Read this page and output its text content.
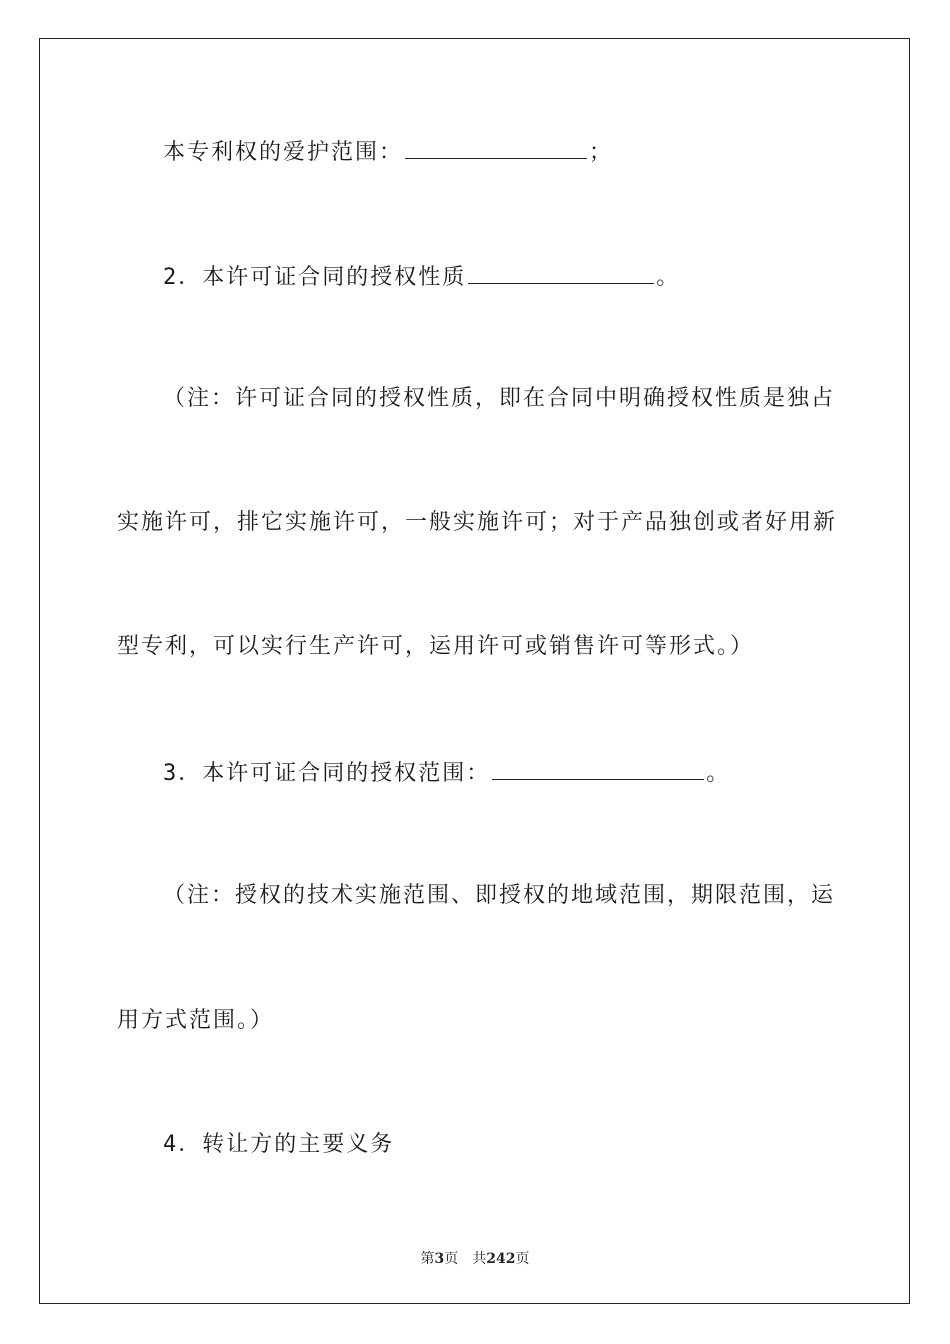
本专利权的爱护范围：	；
2．本许可证合同的授权性质	。
（注：许可证合同的授权性质，即在合同中明确授权性质是独占
实施许可，排它实施许可，一般实施许可；对于产品独创或者好用新
型专利，可以实行生产许可，运用许可或销售许可等形式。）
3．本许可证合同的授权范围：	。
（注：授权的技术实施范围、即授权的地域范围，期限范围，运
用方式范围。）
4．转让方的主要义务
第3页 共242页
